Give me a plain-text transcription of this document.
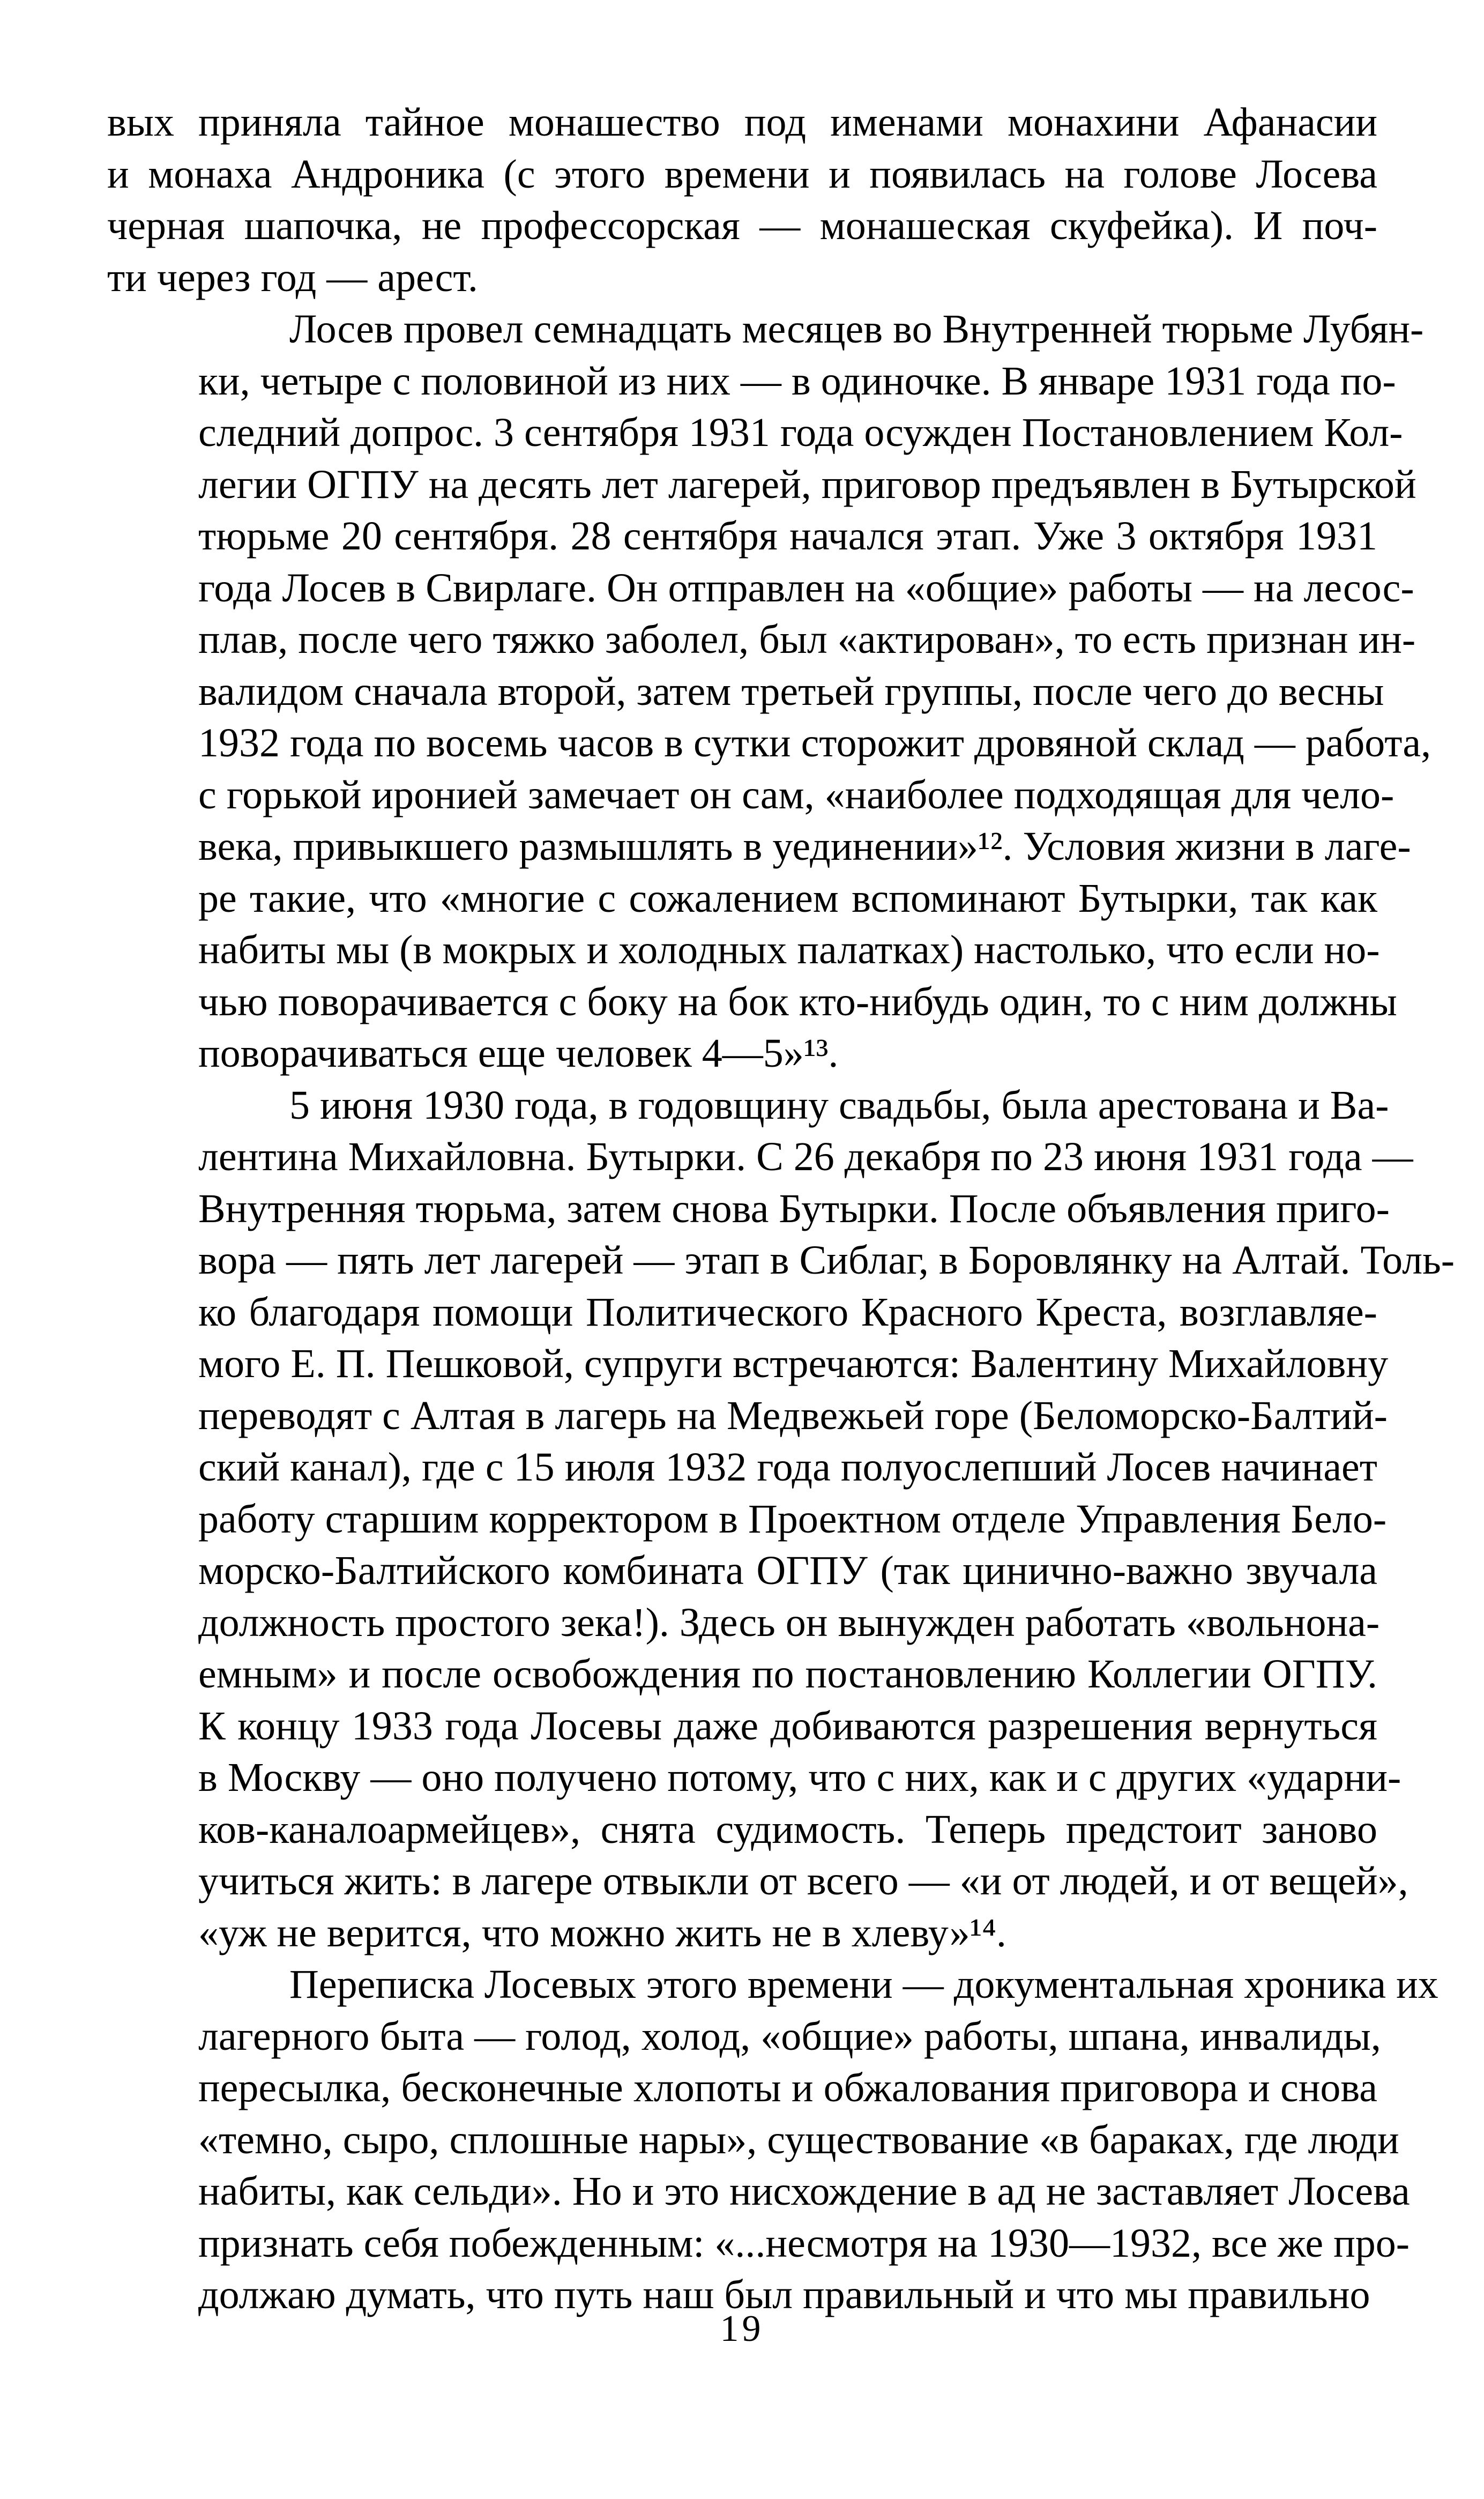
вых приняла тайное монашество под именами монахини Афанасии
и монаха Андроника (с этого времени и появилась на голове Лосева
черная шапочка, не профессорская — монашеская скуфейка). И поч-
ти через год — арест.
Лосев провел семнадцать месяцев во Внутренней тюрьме Лубян-
ки, четыре с половиной из них — в одиночке. В январе 1931 года по-
следний допрос. 3 сентября 1931 года осужден Постановлением Кол-
легии ОГПУ на десять лет лагерей, приговор предъявлен в Бутырской
тюрьме 20 сентября. 28 сентября начался этап. Уже 3 октября 1931
года Лосев в Свирлаге. Он отправлен на «общие» работы — на лесос-
плав, после чего тяжко заболел, был «актирован», то есть признан ин-
валидом сначала второй, затем третьей группы, после чего до весны
1932 года по восемь часов в сутки сторожит дровяной склад — работа,
с горькой иронией замечает он сам, «наиболее подходящая для чело-
века, привыкшего размышлять в уединении»¹². Условия жизни в лаге-
ре такие, что «многие с сожалением вспоминают Бутырки, так как
набиты мы (в мокрых и холодных палатках) настолько, что если но-
чью поворачивается с боку на бок кто-нибудь один, то с ним должны
поворачиваться еще человек 4—5»¹³.
5 июня 1930 года, в годовщину свадьбы, была арестована и Ва-
лентина Михайловна. Бутырки. С 26 декабря по 23 июня 1931 года —
Внутренняя тюрьма, затем снова Бутырки. После объявления приго-
вора — пять лет лагерей — этап в Сиблаг, в Боровлянку на Алтай. Толь-
ко благодаря помощи Политического Красного Креста, возглавляе-
мого Е. П. Пешковой, супруги встречаются: Валентину Михайловну
переводят с Алтая в лагерь на Медвежьей горе (Беломорско-Балтий-
ский канал), где с 15 июля 1932 года полуослепший Лосев начинает
работу старшим корректором в Проектном отделе Управления Бело-
морско-Балтийского комбината ОГПУ (так цинично-важно звучала
должность простого зека!). Здесь он вынужден работать «вольнона-
емным» и после освобождения по постановлению Коллегии ОГПУ.
К концу 1933 года Лосевы даже добиваются разрешения вернуться
в Москву — оно получено потому, что с них, как и с других «ударни-
ков-каналоармейцев», снята судимость. Теперь предстоит заново
учиться жить: в лагере отвыкли от всего — «и от людей, и от вещей»,
«уж не верится, что можно жить не в хлеву»¹⁴.
Переписка Лосевых этого времени — документальная хроника их
лагерного быта — голод, холод, «общие» работы, шпана, инвалиды,
пересылка, бесконечные хлопоты и обжалования приговора и снова
«темно, сыро, сплошные нары», существование «в бараках, где люди
набиты, как сельди». Но и это нисхождение в ад не заставляет Лосева
признать себя побежденным: «...несмотря на 1930—1932, все же про-
должаю думать, что путь наш был правильный и что мы правильно
19
